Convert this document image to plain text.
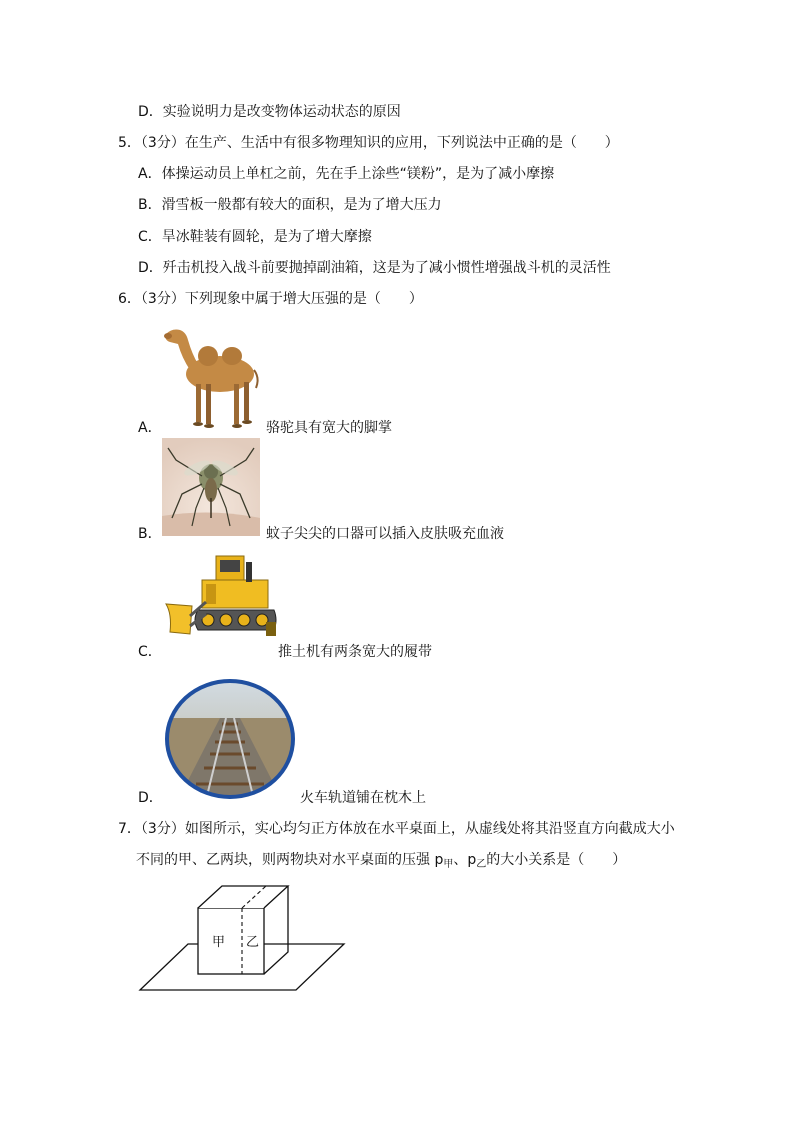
D．实验说明力是改变物体运动状态的原因
5．（3分）在生产、生活中有很多物理知识的应用，下列说法中正确的是（　　）
A．体操运动员上单杠之前，先在手上涂些“镁粉”，是为了减小摩擦
B．滑雪板一般都有较大的面积，是为了增大压力
C．旱冰鞋装有圆轮，是为了增大摩擦
D．歼击机投入战斗前要抛掉副油箱，这是为了减小惯性增强战斗机的灵活性
6．（3分）下列现象中属于增大压强的是（　　）
A．	骆驼具有宽大的脚掌
B．	蚊子尖尖的口器可以插入皮肤吸充血液
C．	推土机有两条宽大的履带
D．	火车轨道铺在枕木上
7．（3分）如图所示，实心均匀正方体放在水平桌面上，从虚线处将其沿竖直方向截成大小
不同的甲、乙两块，则两物块对水平桌面的压强 $p_甲$、$p_乙$的大小关系是（　　）
甲 乙
